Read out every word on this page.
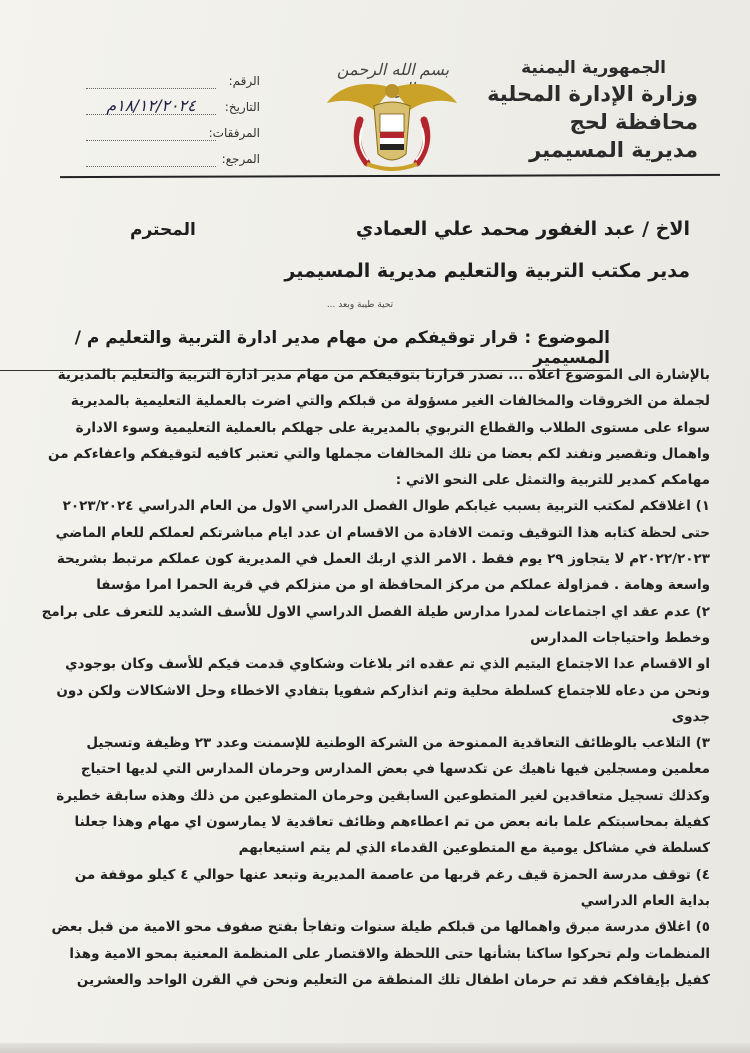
الجمهورية اليمنية
وزارة الإدارة المحلية
محافظة لحج
مديرية المسيمير
بسم الله الرحمن
الرقم:
التاريخ:
١٨/١٢/٢٠٢٤م
المرفقات:
المرجع:
الاخ / عبد الغفور محمد علي العمادي
المحترم
مدير مكتب التربية والتعليم مديرية المسيمير
تحية طيبة وبعد ...
الموضوع : قرار توقيفكم من مهام مدير ادارة التربية والتعليم م /المسيمير

بالإشارة الى الموضوع اعلاه ... نصدر قرارنا بتوقيفكم من مهام مدير ادارة التربية والتعليم بالمديرية لجملة من الخروقات والمخالفات الغير مسؤولة من قبلكم والتي اضرت بالعملية التعليمية بالمديرية سواء على مستوى الطلاب والقطاع التربوي بالمديرية على جهلكم بالعملية التعليمية وسوء الادارة واهمال وتقصير ونفند لكم بعضا من تلك المخالفات مجملها والتي تعتبر كافيه لتوقيفكم واعفاءكم من مهامكم كمدير للتربية والتمثل على النحو الاتي :

١) اغلاقكم لمكتب التربية بسبب غيابكم طوال الفصل الدراسي الاول من العام الدراسي ٢٠٢٣/٢٠٢٤ حتى لحظة كتابه هذا التوقيف وتمت الافادة من الاقسام ان عدد ايام مباشرتكم لعملكم للعام الماضي ٢٠٢٢/٢٠٢٣م لا يتجاوز ٢٩ يوم فقط . الامر الذي اربك العمل في المديرية كون عملكم مرتبط بشريحة واسعة وهامة . فمزاولة عملكم من مركز المحافظة او من منزلكم في قرية الحمرا امرا مؤسفا

٢) عدم عقد اي اجتماعات لمدرا مدارس طيلة الفصل الدراسي الاول للأسف الشديد للتعرف على برامج وخطط واحتياجات المدارس

او الاقسام عدا الاجتماع اليتيم الذي تم عقده اثر بلاغات وشكاوي قدمت فيكم للأسف وكان بوجودي ونحن من دعاه للاجتماع كسلطة محلية وتم انذاركم شفويا بتفادي الاخطاء وحل الاشكالات ولكن دون جدوى

٣) التلاعب بالوظائف التعاقدية الممنوحة من الشركة الوطنية للإسمنت وعدد ٢٣ وظيفة وتسجيل معلمين ومسجلين فيها ناهيك عن تكدسها في بعض المدارس وحرمان المدارس التي لديها احتياج وكذلك تسجيل متعاقدين لغير المتطوعين السابقين وحرمان المتطوعين من ذلك وهذه سابقة خطيرة كفيلة بمحاسبتكم علما بانه بعض من تم اعطاءهم وظائف تعاقدية لا يمارسون اي مهام وهذا جعلنا كسلطة في مشاكل يومية مع المتطوعين القدماء الذي لم يتم استيعابهم

٤) توقف مدرسة الحمزة قيف رغم قربها من عاصمة المديرية وتبعد عنها حوالي ٤ كيلو موقفة من بداية العام الدراسي

٥) اغلاق مدرسة مبرق واهمالها من قبلكم طيلة سنوات وتفاجأ بفتح صفوف محو الامية من قبل بعض المنظمات ولم تحركوا ساكنا بشأنها حتى اللحظة والاقتصار على المنظمة المعنية بمحو الامية وهذا كفيل بإيقافكم فقد تم حرمان اطفال تلك المنطقة من التعليم ونحن في القرن الواحد والعشرين
